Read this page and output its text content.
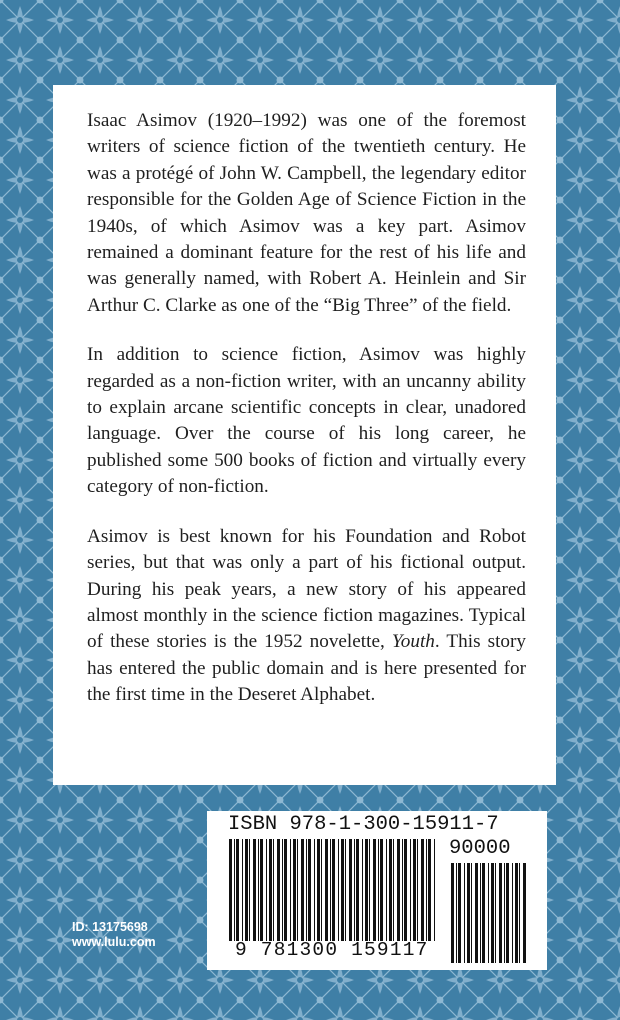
Isaac Asimov (1920–1992) was one of the foremost writers of science fiction of the twentieth century. He was a protégé of John W. Campbell, the legendary editor responsible for the Golden Age of Science Fiction in the 1940s, of which Asimov was a key part. Asimov remained a dominant feature for the rest of his life and was generally named, with Robert A. Heinlein and Sir Arthur C. Clarke as one of the “Big Three” of the field.

In addition to science fiction, Asimov was highly regarded as a non-fiction writer, with an uncanny ability to explain arcane scientific concepts in clear, unadored language. Over the course of his long career, he published some 500 books of fiction and virtually every category of non-fiction.

Asimov is best known for his Foundation and Robot series, but that was only a part of his fictional output. During his peak years, a new story of his appeared almost monthly in the science fiction magazines. Typical of these stories is the 1952 novelette, Youth. This story has entered the public domain and is here presented for the first time in the Deseret Alphabet.

ISBN 978-1-300-15911-7
90000
9 781300 159117
ID: 13175698
www.lulu.com
